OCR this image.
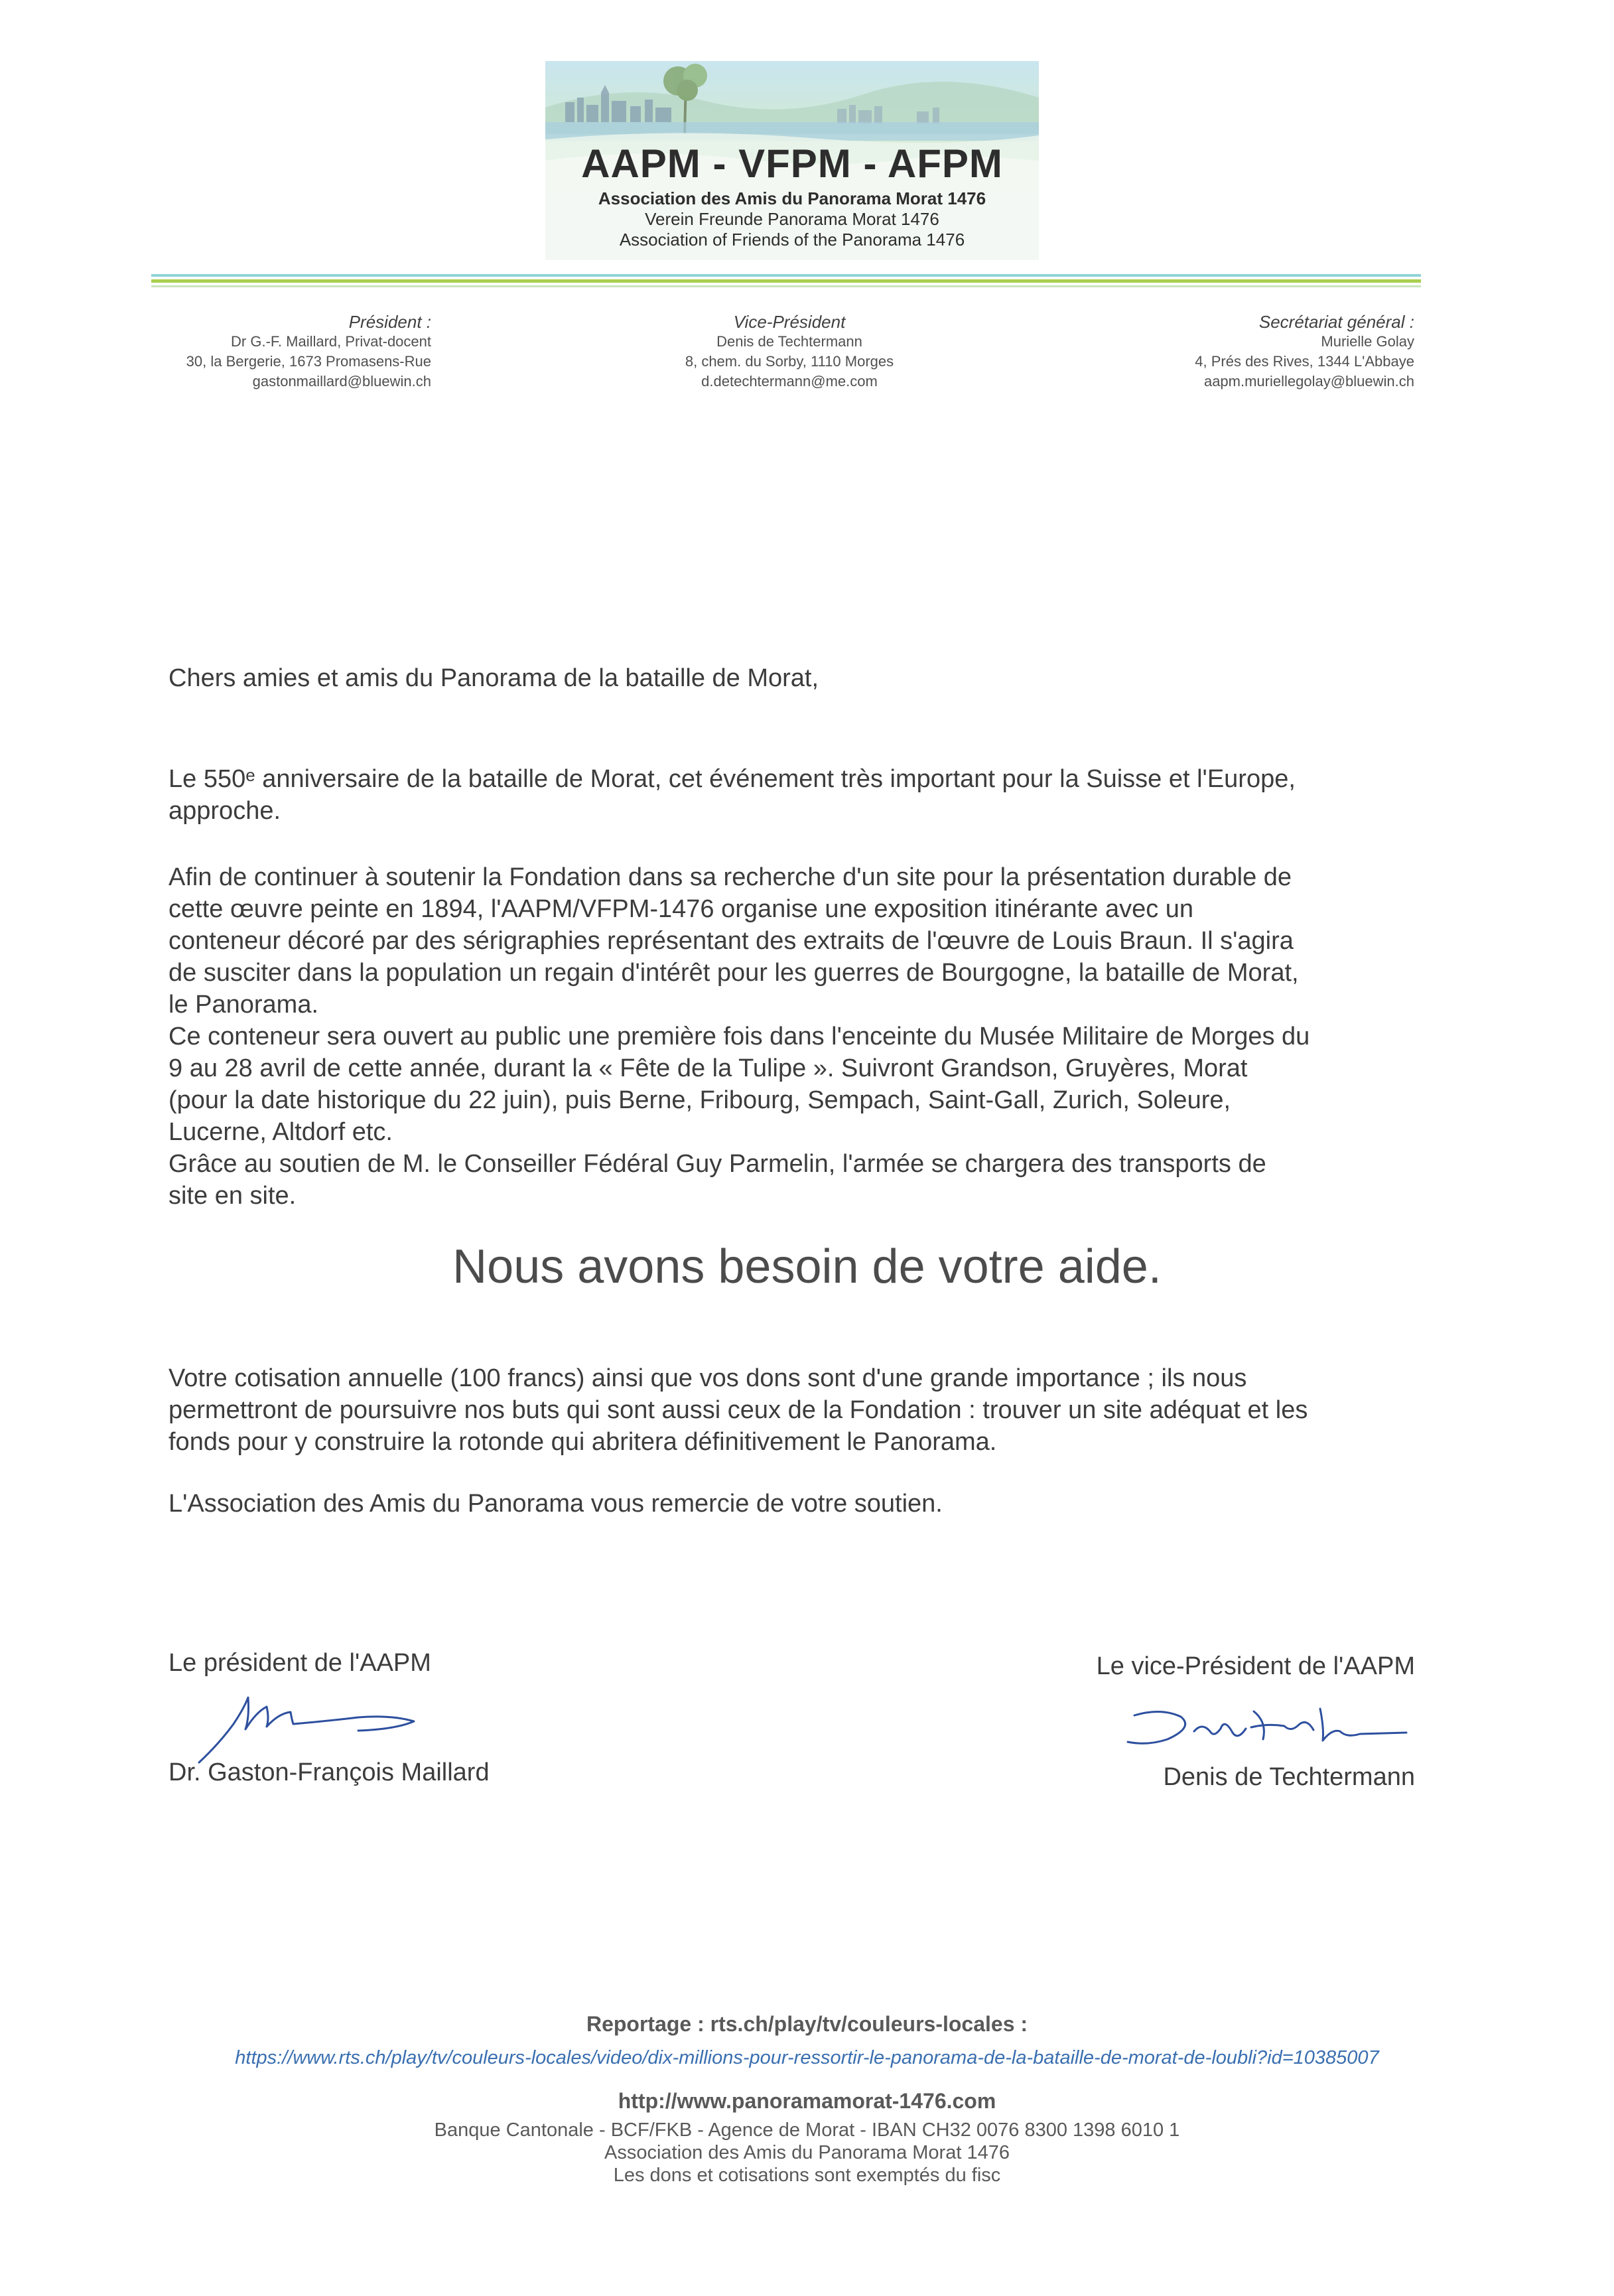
AAPM - VFPM - AFPM
Association des Amis du Panorama Morat 1476
Verein Freunde Panorama Morat 1476
Association of Friends of the Panorama 1476
Président :
Dr G.-F. Maillard, Privat-docent
30, la Bergerie, 1673 Promasens-Rue
gastonmaillard@bluewin.ch
Vice-Président
Denis de Techtermann
8, chem. du Sorby, 1110 Morges
d.detechtermann@me.com
Secrétariat général :
Murielle Golay
4, Prés des Rives, 1344 L'Abbaye
aapm.muriellegolay@bluewin.ch
Chers amies et amis du Panorama de la bataille de Morat,

Le 550e anniversaire de la bataille de Morat, cet événement très important pour la Suisse et l'Europe,

approche.

Afin de continuer à soutenir la Fondation dans sa recherche d'un site pour la présentation durable de

cette œuvre peinte en 1894, l'AAPM/VFPM-1476 organise une exposition itinérante avec un

conteneur décoré par des sérigraphies représentant des extraits de l'œuvre de Louis Braun. Il s'agira

de susciter dans la population un regain d'intérêt pour les guerres de Bourgogne, la bataille de Morat,

le Panorama.

Ce conteneur sera ouvert au public une première fois dans l'enceinte du Musée Militaire de Morges du

9 au 28 avril de cette année, durant la « Fête de la Tulipe ». Suivront Grandson, Gruyères, Morat

(pour la date historique du 22 juin), puis Berne, Fribourg, Sempach, Saint-Gall, Zurich, Soleure,

Lucerne, Altdorf etc.

Grâce au soutien de M. le Conseiller Fédéral Guy Parmelin, l'armée se chargera des transports de

site en site.

Nous avons besoin de votre aide.

Votre cotisation annuelle (100 francs) ainsi que vos dons sont d'une grande importance ; ils nous

permettront de poursuivre nos buts qui sont aussi ceux de la Fondation : trouver un site adéquat et les

fonds pour y construire la rotonde qui abritera définitivement le Panorama.

L'Association des Amis du Panorama vous remercie de votre soutien.
Le président de l'AAPM
Dr. Gaston-François Maillard
Le vice-Président de l'AAPM
Denis de Techtermann
Reportage : rts.ch/play/tv/couleurs-locales :
https://www.rts.ch/play/tv/couleurs-locales/video/dix-millions-pour-ressortir-le-panorama-de-la-bataille-de-morat-de-loubli?id=10385007
http://www.panoramamorat-1476.com
Banque Cantonale - BCF/FKB - Agence de Morat - IBAN CH32 0076 8300 1398 6010 1
Association des Amis du Panorama Morat 1476
Les dons et cotisations sont exemptés du fisc
